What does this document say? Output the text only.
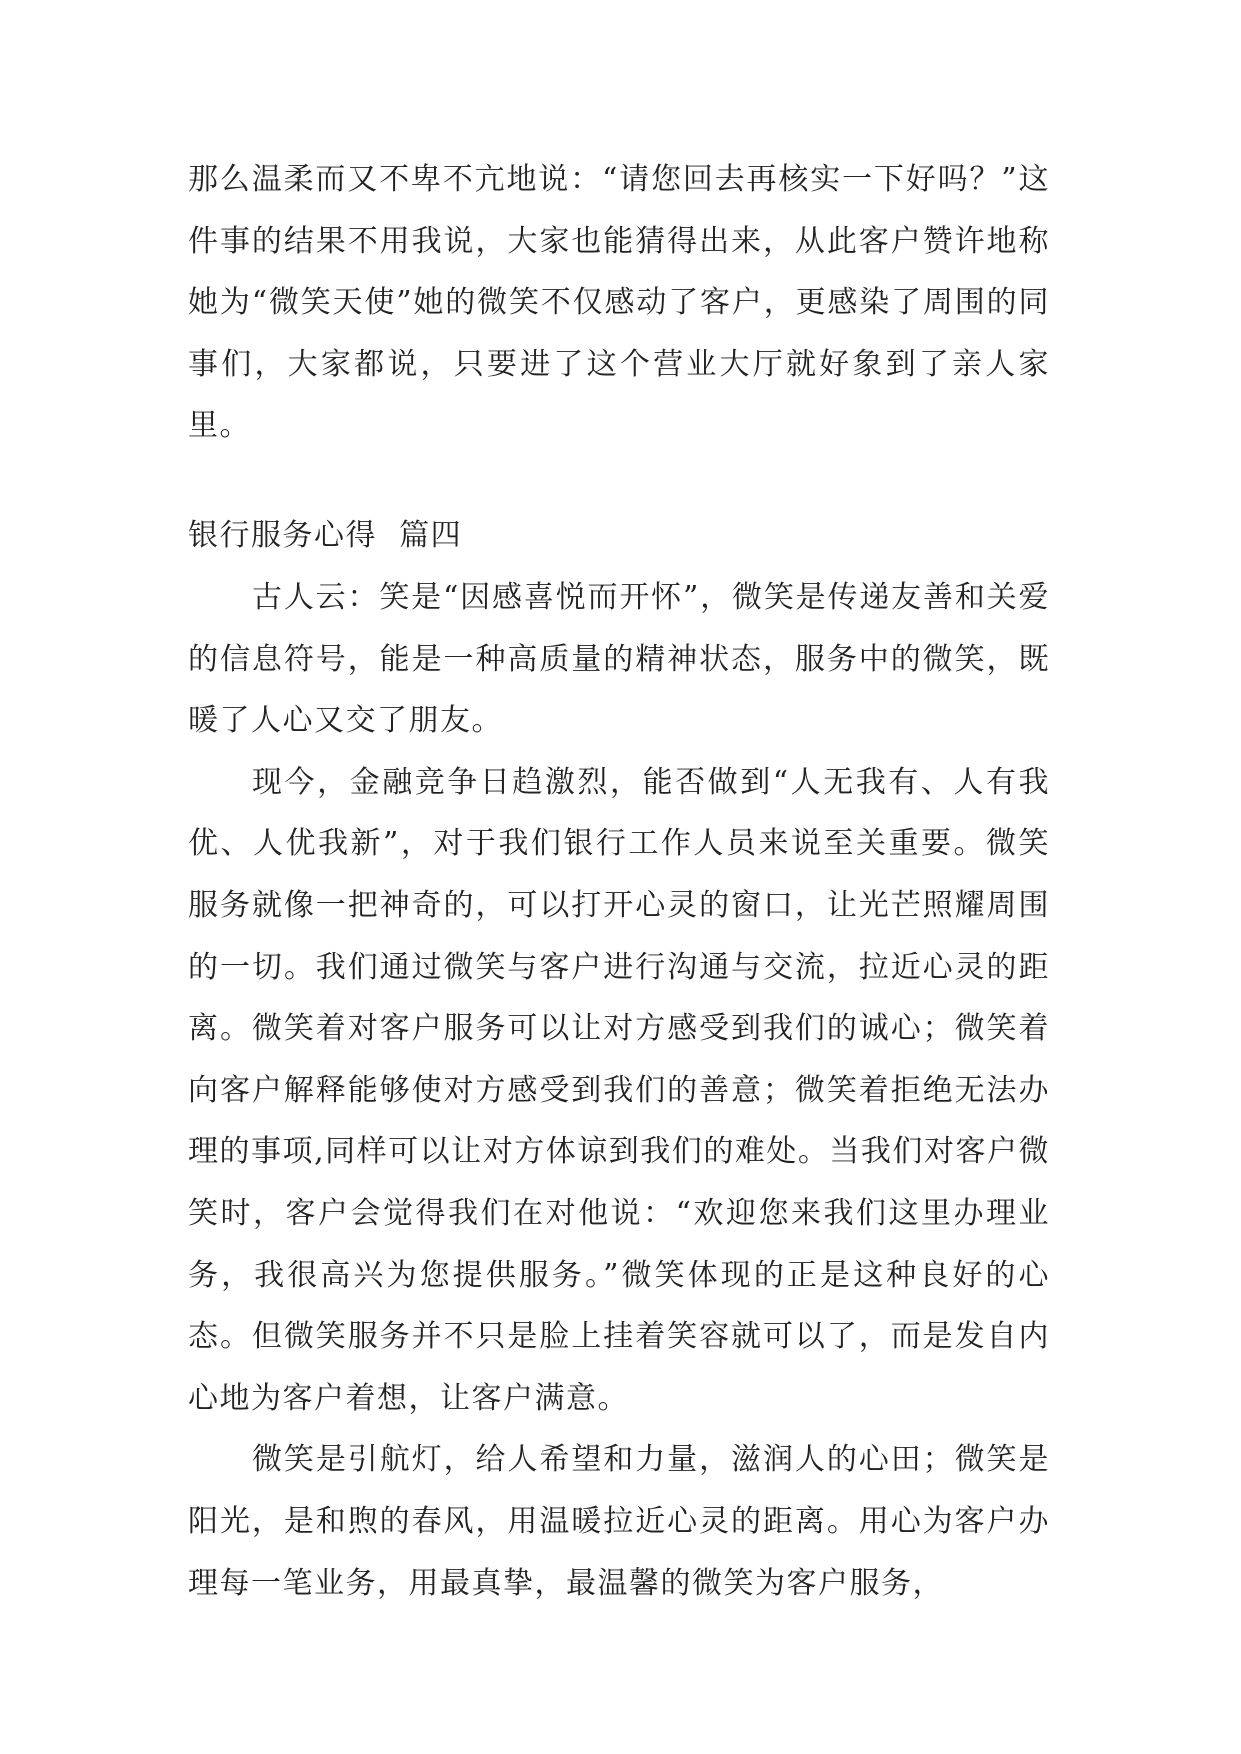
那么温柔而又不卑不亢地说：“请您回去再核实一下好吗？”这件事的结果不用我说，大家也能猜得出来，从此客户赞许地称她为“微笑天使”她的微笑不仅感动了客户，更感染了周围的同事们，大家都说，只要进了这个营业大厅就好象到了亲人家里。

银行服务心得  篇四

古人云：笑是“因感喜悦而开怀”，微笑是传递友善和关爱的信息符号，能是一种高质量的精神状态，服务中的微笑，既暖了人心又交了朋友。

现今，金融竞争日趋激烈，能否做到“人无我有、人有我优、人优我新”，对于我们银行工作人员来说至关重要。微笑服务就像一把神奇的，可以打开心灵的窗口，让光芒照耀周围的一切。我们通过微笑与客户进行沟通与交流，拉近心灵的距离。微笑着对客户服务可以让对方感受到我们的诚心；微笑着向客户解释能够使对方感受到我们的善意；微笑着拒绝无法办理的事项,同样可以让对方体谅到我们的难处。当我们对客户微笑时，客户会觉得我们在对他说：“欢迎您来我们这里办理业务，我很高兴为您提供服务。”微笑体现的正是这种良好的心态。但微笑服务并不只是脸上挂着笑容就可以了，而是发自内心地为客户着想，让客户满意。

微笑是引航灯，给人希望和力量，滋润人的心田；微笑是阳光，是和煦的春风，用温暖拉近心灵的距离。用心为客户办理每一笔业务，用最真挚，最温馨的微笑为客户服务，
